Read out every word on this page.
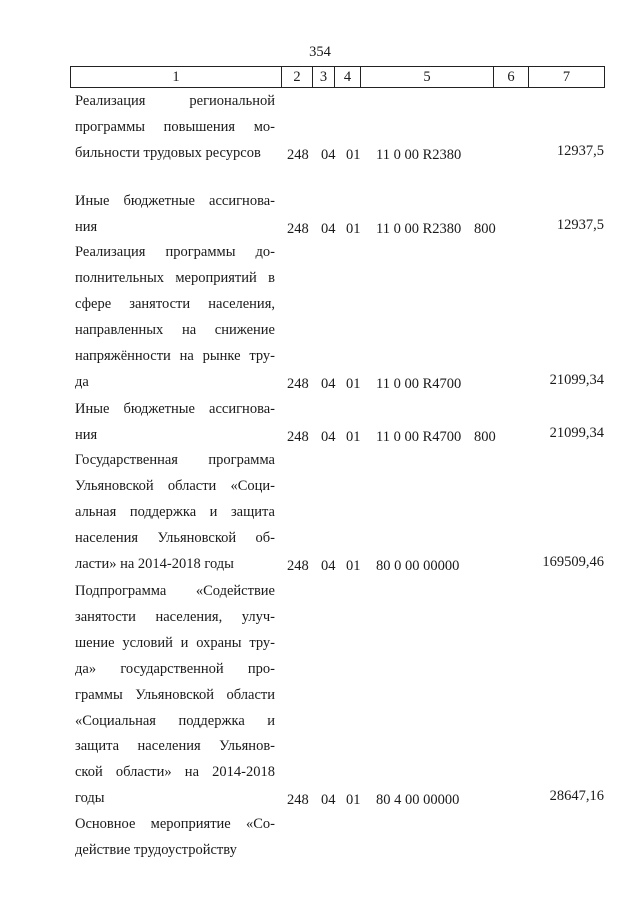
354
1	2	3	4	5	6	7
Реализация региональной
программы повышения мо-
бильности трудовых ресурсов	248 04 01 11 0 00 R2380	12937,5
Иные бюджетные ассигнова-
ния	248 04 01 11 0 00 R2380 800	12937,5
Реализация программы до-
полнительных мероприятий в
сфере занятости населения,
направленных на снижение
напряжённости на рынке тру-
да	248 04 01 11 0 00 R4700	21099,34
Иные бюджетные ассигнова-
ния	248 04 01 11 0 00 R4700 800	21099,34
Государственная программа
Ульяновской области «Соци-
альная поддержка и защита
населения Ульяновской об-
ласти» на 2014-2018 годы	248 04 01 80 0 00 00000	169509,46
Подпрограмма «Содействие
занятости населения, улуч-
шение условий и охраны тру-
да» государственной про-
граммы Ульяновской области
«Социальная поддержка и
защита населения Ульянов-
ской области» на 2014-2018
годы	248 04 01 80 4 00 00000	28647,16
Основное мероприятие «Со-
действие трудоустройству
